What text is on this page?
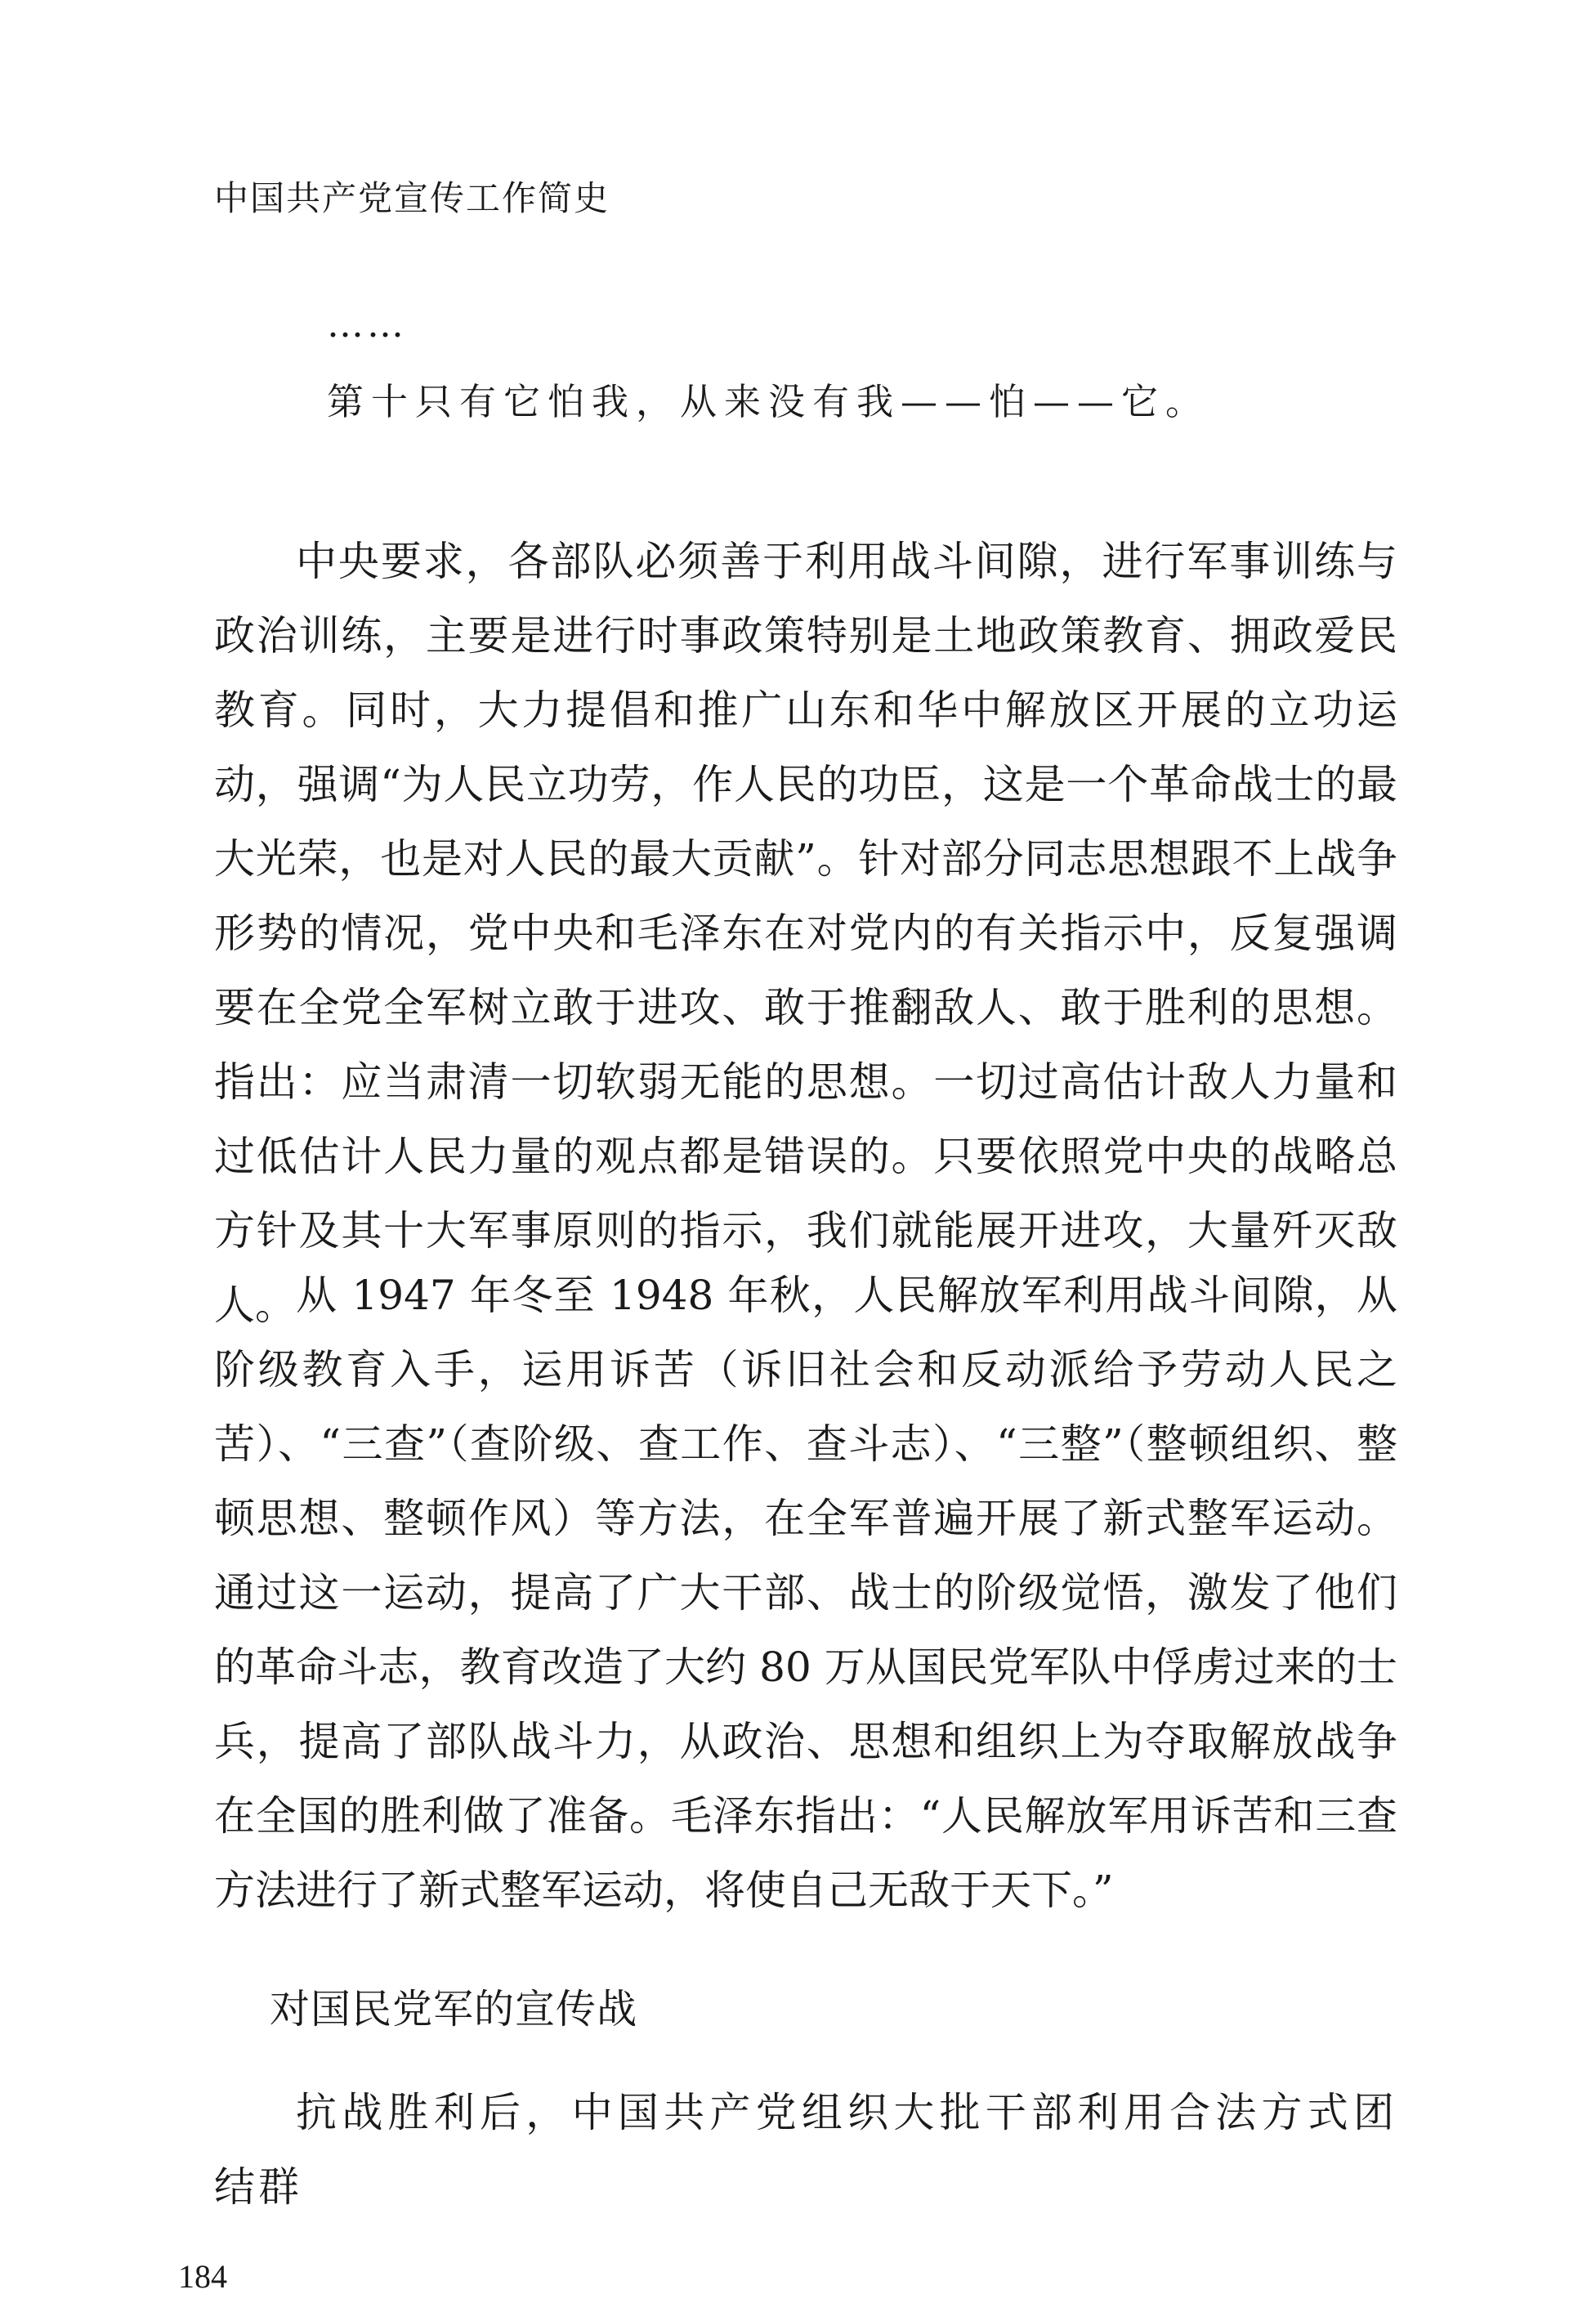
中国共产党宣传工作简史
……
第十只有它怕我，从来没有我——怕——它。

中央要求，各部队必须善于利用战斗间隙，进行军事训练与政治训练，主要是进行时事政策特别是土地政策教育、拥政爱民教育。同时，大力提倡和推广山东和华中解放区开展的立功运动，强调“为人民立功劳，作人民的功臣，这是一个革命战士的最大光荣，也是对人民的最大贡献”。针对部分同志思想跟不上战争形势的情况，党中央和毛泽东在对党内的有关指示中，反复强调要在全党全军树立敢于进攻、敢于推翻敌人、敢于胜利的思想。指出：应当肃清一切软弱无能的思想。一切过高估计敌人力量和过低估计人民力量的观点都是错误的。只要依照党中央的战略总方针及其十大军事原则的指示，我们就能展开进攻，大量歼灭敌人。 从 1947 年冬至 1948 年秋，人民解放军利用战斗间隙，从阶级教育入手，运用诉苦（诉旧社会和反动派给予劳动人民之苦）、“三查”（查阶级、查工作、查斗志）、“三整”（整顿组织、整顿思想、整顿作风）等方法，在全军普遍开展了新式整军运动。通过这一运动，提高了广大干部、战士的阶级觉悟，激发了他们的革命斗志，教育改造了大约 80 万从国民党军队中俘虏过来的士兵，提高了部队战斗力，从政治、思想和组织上为夺取解放战争在全国的胜利做了准备。毛泽东指出：“人民解放军用诉苦和三查方法进行了新式整军运动，将使自己无敌于天下。”

对国民党军的宣传战

抗战胜利后，中国共产党组织大批干部利用合法方式团结群

184
